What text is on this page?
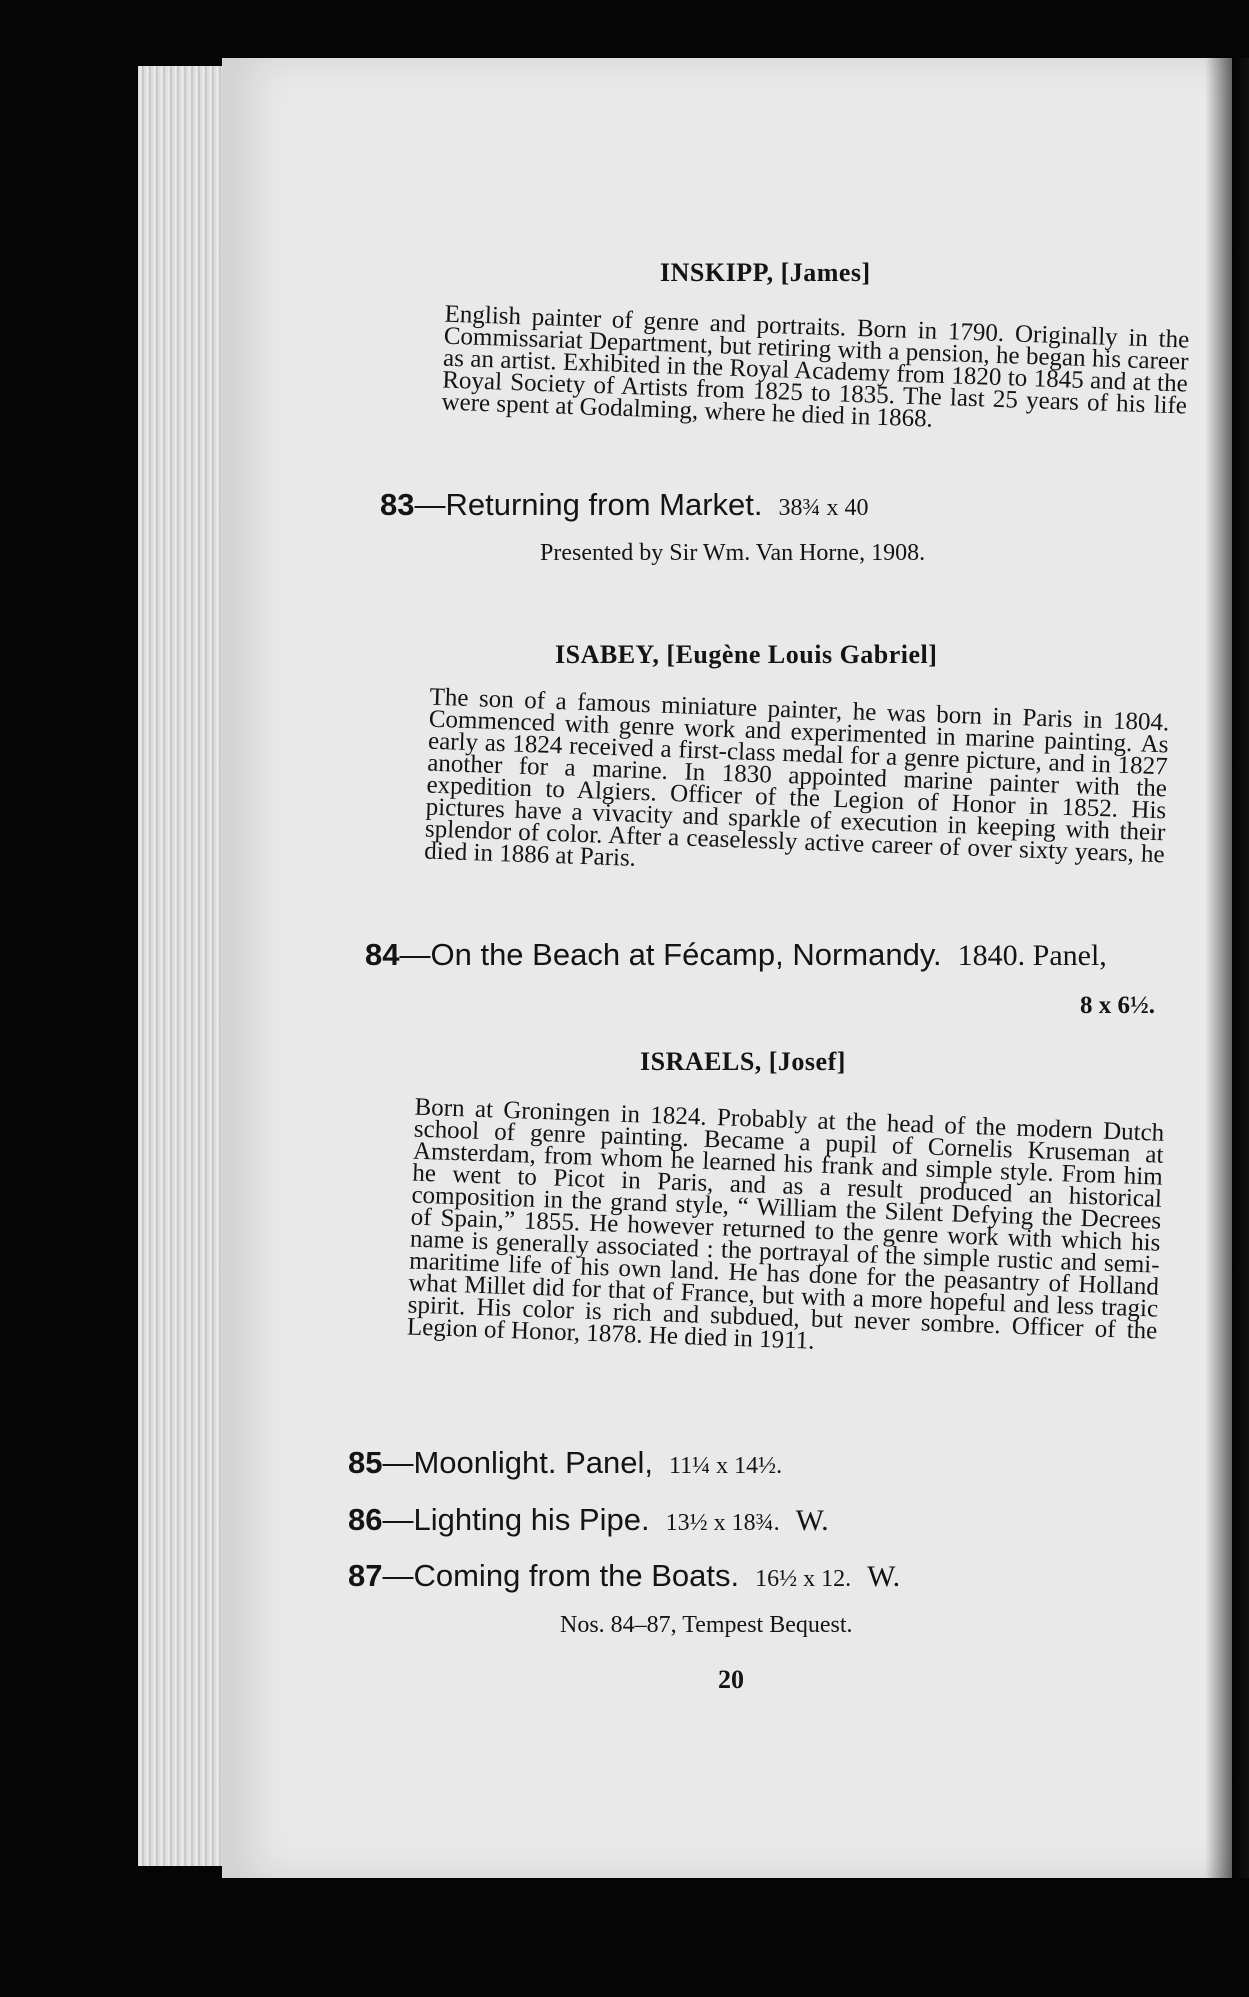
INSKIPP, [James]
English painter of genre and portraits. Born in 1790. Originally in the Commissariat Department, but retiring with a pension, he began his career as an artist. Exhibited in the Royal Academy from 1820 to 1845 and at the Royal Society of Artists from 1825 to 1835. The last 25 years of his life were spent at Godalming, where he died in 1868.
83—Returning from Market. 38¾ x 40
Presented by Sir Wm. Van Horne, 1908.
ISABEY, [Eugène Louis Gabriel]
The son of a famous miniature painter, he was born in Paris in 1804. Commenced with genre work and experimented in marine painting. As early as 1824 received a first-class medal for a genre picture, and in 1827 another for a marine. In 1830 appointed marine painter with the expedition to Algiers. Officer of the Legion of Honor in 1852. His pictures have a vivacity and sparkle of execution in keeping with their splendor of color. After a ceaselessly active career of over sixty years, he died in 1886 at Paris.
84—On the Beach at Fécamp, Normandy. 1840. Panel,
8 x 6½.
ISRAELS, [Josef]
Born at Groningen in 1824. Probably at the head of the modern Dutch school of genre painting. Became a pupil of Cornelis Kruseman at Amsterdam, from whom he learned his frank and simple style. From him he went to Picot in Paris, and as a result produced an historical composition in the grand style, “ William the Silent Defying the Decrees of Spain,” 1855. He however returned to the genre work with which his name is generally associated : the portrayal of the simple rustic and semi-maritime life of his own land. He has done for the peasantry of Holland what Millet did for that of France, but with a more hopeful and less tragic spirit. His color is rich and subdued, but never sombre. Officer of the Legion of Honor, 1878. He died in 1911.
85—Moonlight. Panel, 11¼ x 14½.
86—Lighting his Pipe. 13½ x 18¾. W.
87—Coming from the Boats. 16½ x 12. W.
Nos. 84–87, Tempest Bequest.
20
